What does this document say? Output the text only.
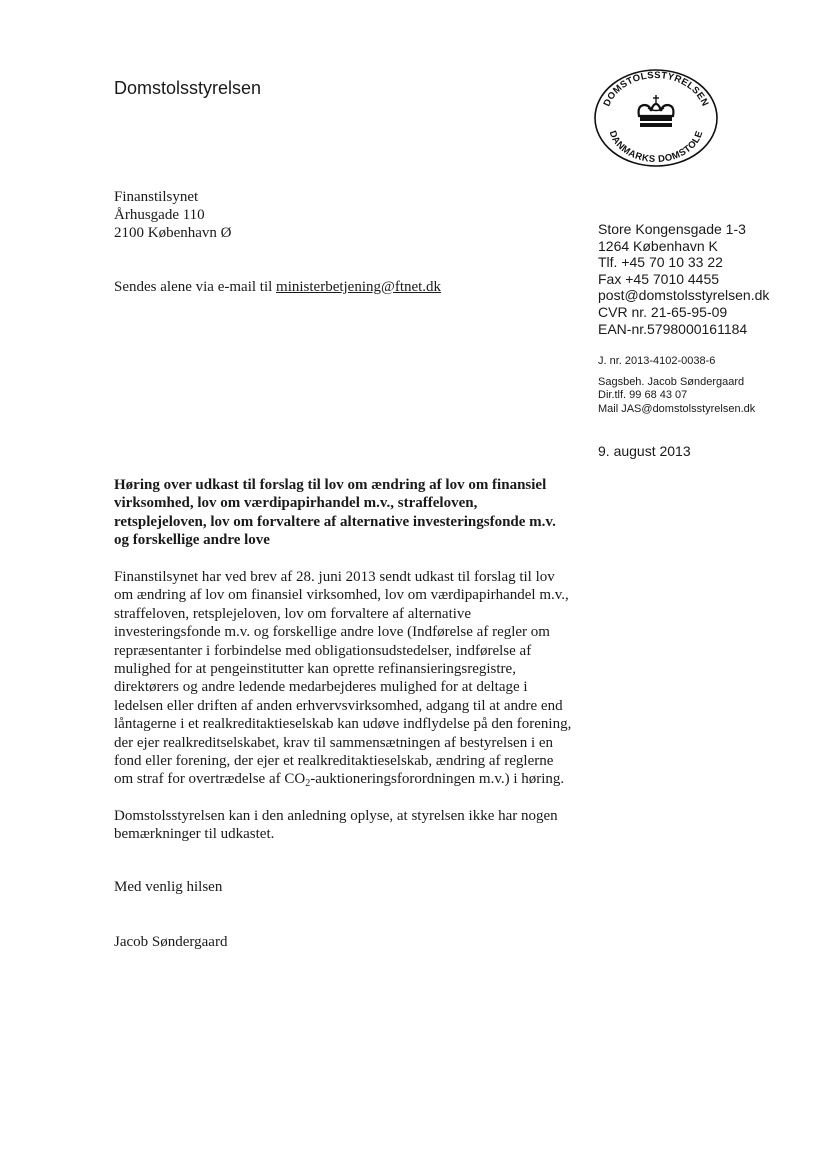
Domstolsstyrelsen
DOMSTOLSSTYRELSEN
DANMARKS DOMSTOLE
Finanstilsynet
Århusgade 110
2100 København Ø
Sendes alene via e-mail til ministerbetjening@ftnet.dk
Store Kongensgade 1-3
1264 København K
Tlf. +45 70 10 33 22
Fax +45 7010 4455
post@domstolsstyrelsen.dk
CVR nr. 21-65-95-09
EAN-nr.5798000161184
J. nr. 2013-4102-0038-6
Sagsbeh. Jacob Søndergaard
Dir.tlf. 99 68 43 07
Mail JAS@domstolsstyrelsen.dk
9. august 2013
Høring over udkast til forslag til lov om ændring af lov om finansiel
virksomhed, lov om værdipapirhandel m.v., straffeloven,
retsplejeloven, lov om forvaltere af alternative investeringsfonde m.v.
og forskellige andre love
Finanstilsynet har ved brev af 28. juni 2013 sendt udkast til forslag til lov
om ændring af lov om finansiel virksomhed, lov om værdipapirhandel m.v.,
straffeloven, retsplejeloven, lov om forvaltere af alternative
investeringsfonde m.v. og forskellige andre love (Indførelse af regler om
repræsentanter i forbindelse med obligationsudstedelser, indførelse af
mulighed for at pengeinstitutter kan oprette refinansieringsregistre,
direktørers og andre ledende medarbejderes mulighed for at deltage i
ledelsen eller driften af anden erhvervsvirksomhed, adgang til at andre end
låntagerne i et realkreditaktieselskab kan udøve indflydelse på den forening,
der ejer realkreditselskabet, krav til sammensætningen af bestyrelsen i en
fond eller forening, der ejer et realkreditaktieselskab, ændring af reglerne
om straf for overtrædelse af $CO_2$-auktioneringsforordningen m.v.) i høring.
Domstolsstyrelsen kan i den anledning oplyse, at styrelsen ikke har nogen
bemærkninger til udkastet.
Med venlig hilsen
Jacob Søndergaard
